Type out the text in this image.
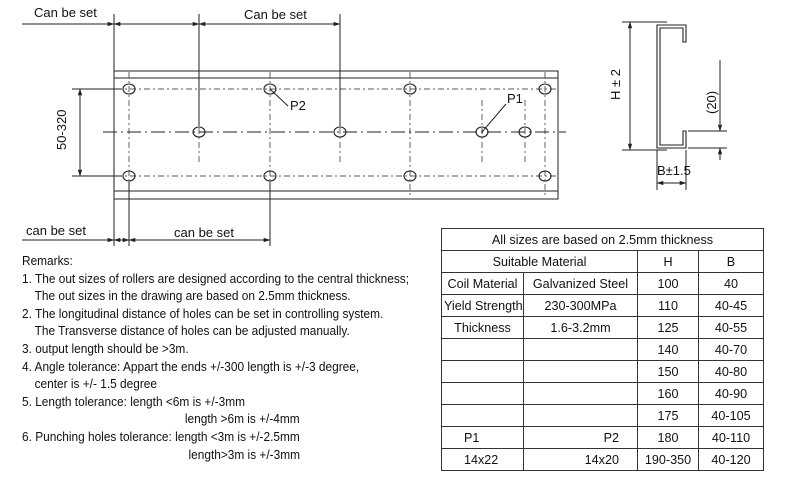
Can be set	Can be set
can be set	can be set
50-320
P2	P1	H ± 2
(20)
B±1.5
Remarks:
1. The out sizes of rollers are designed according to the central thickness;
The out sizes in the drawing are based on 2.5mm thickness.
2. The longitudinal distance of holes can be set in controlling system.
The Transverse distance of holes can be adjusted manually.
3. output length should be >3m.
4. Angle tolerance: Appart the ends +/-300 length is +/-3 degree,
center is +/- 1.5 degree
5. Length tolerance: length <6m is +/-3mm
length >6m is +/-4mm
6. Punching holes tolerance: length <3m is +/-2.5mm
length>3m is +/-3mm
All sizes are based on 2.5mm thickness			
Suitable Material		H	B
Coil Material	Galvanized Steel	100	40
Yield Strength	230-300MPa	110	40-45
Thickness	1.6-3.2mm	125	40-55
		140	40-70
		150	40-80
		160	40-90
		175	40-105
P1	P2	180	40-110
14x22	14x20	190-350	40-120
